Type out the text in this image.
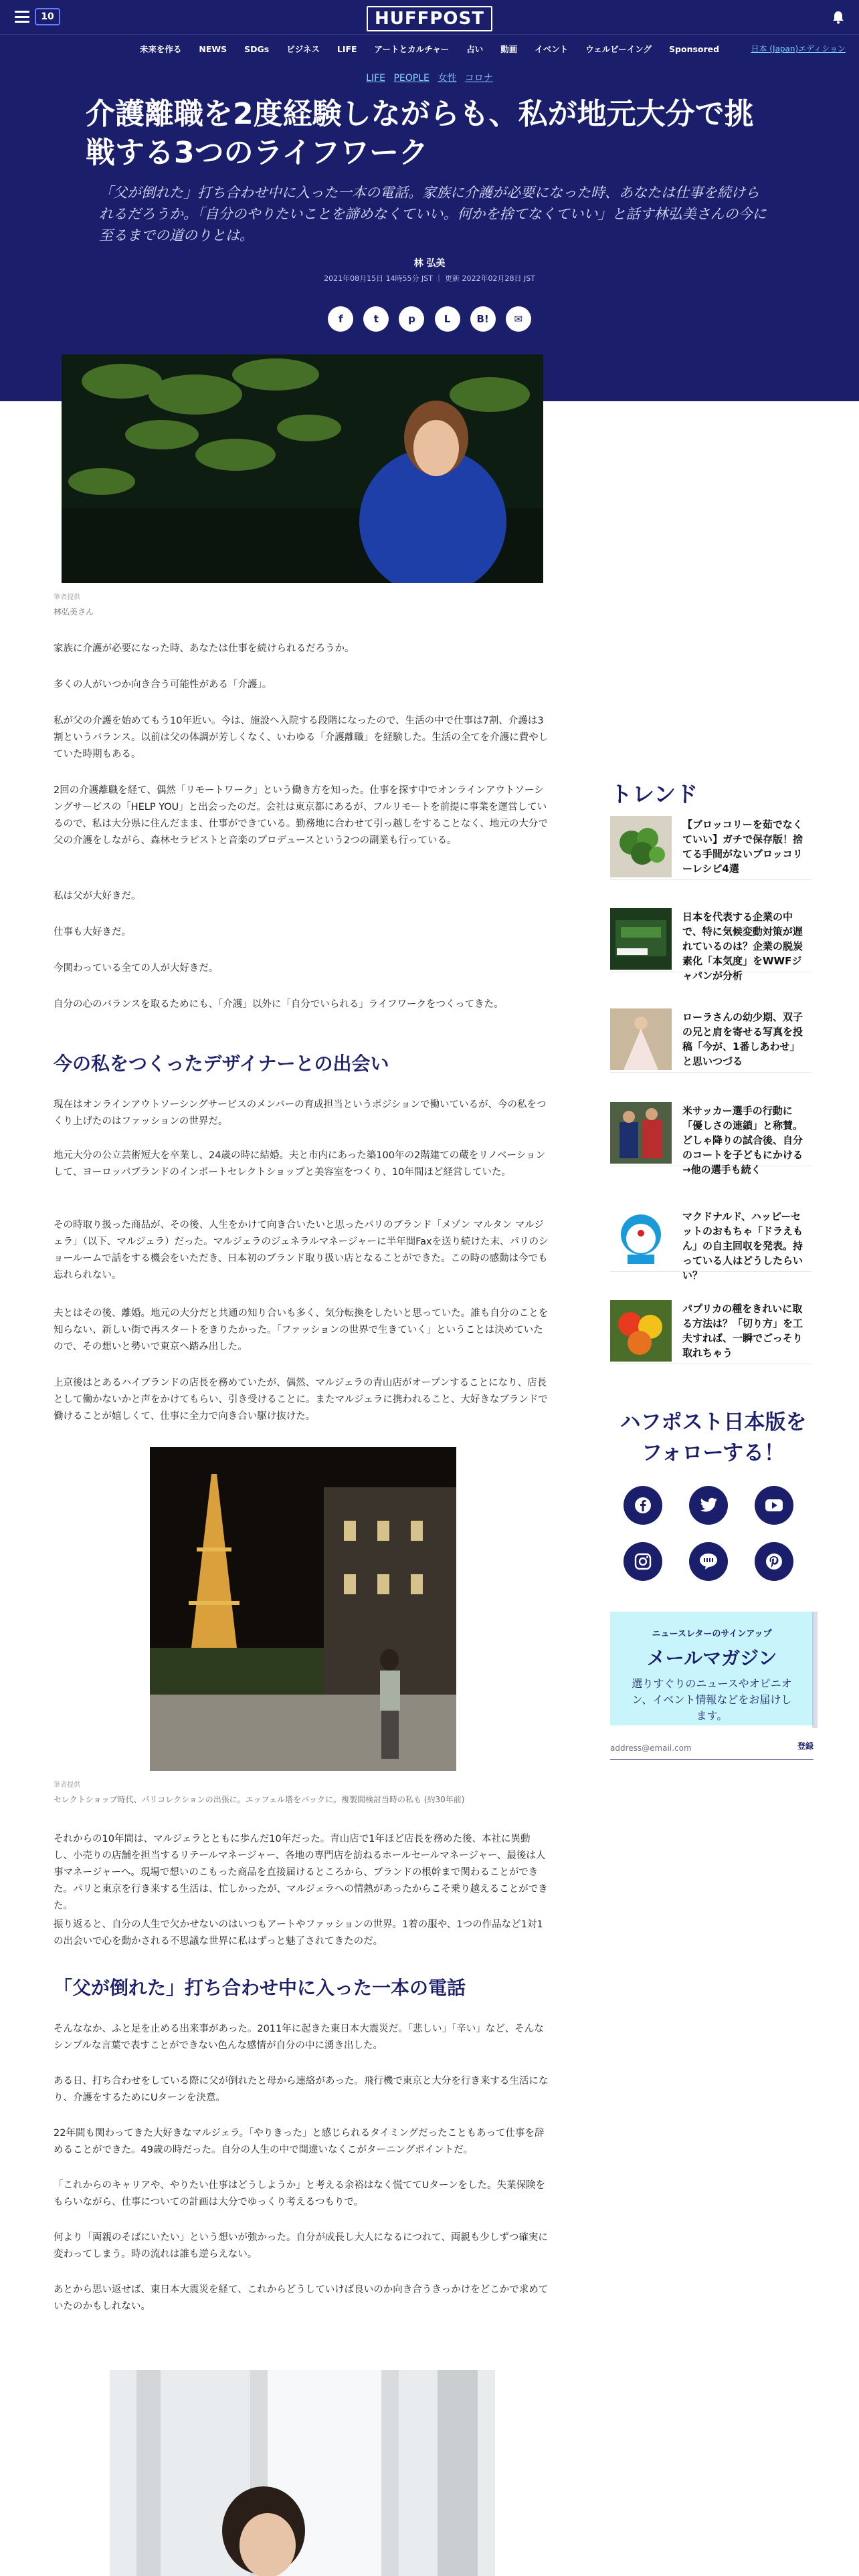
10	HUFFPOST
未来を作る NEWS SDGs ビジネス LIFE アートとカルチャー 占い 動画 イベント ウェルビーイング Sponsored	日本 (Japan)エディション
LIFE PEOPLE 女性 コロナ
介護離職を2度経験しながらも、私が地元大分で挑戦する3つのライフワーク

「父が倒れた」打ち合わせ中に入った一本の電話。家族に介護が必要になった時、あなたは仕事を続けられるだろうか。「自分のやりたいことを諦めなくていい。何かを捨てなくていい」と話す林弘美さんの今に至るまでの道のりとは。

林 弘美
2021年08月15日 14時55分 JST ｜ 更新 2022年02月28日 JST
f	t	p	L	B!	✉
筆者提供
林弘美さん

家族に介護が必要になった時、あなたは仕事を続けられるだろうか。

多くの人がいつか向き合う可能性がある「介護」。

私が父の介護を始めてもう10年近い。今は、施設へ入院する段階になったので、生活の中で仕事は7割、介護は3割というバランス。以前は父の体調が芳しくなく、いわゆる「介護離職」を経験した。生活の全てを介護に費やしていた時期もある。

2回の介護離職を経て、偶然「リモートワーク」という働き方を知った。仕事を探す中でオンラインアウトソーシングサービスの「HELP YOU」と出会ったのだ。会社は東京都にあるが、フルリモートを前提に事業を運営しているので、私は大分県に住んだまま、仕事ができている。勤務地に合わせて引っ越しをすることなく、地元の大分で父の介護をしながら、森林セラピストと音楽のプロデュースという2つの副業も行っている。

私は父が大好きだ。

仕事も大好きだ。

今関わっている全ての人が大好きだ。

自分の心のバランスを取るためにも、「介護」以外に「自分でいられる」ライフワークをつくってきた。

今の私をつくったデザイナーとの出会い

現在はオンラインアウトソーシングサービスのメンバーの育成担当というポジションで働いているが、今の私をつくり上げたのはファッションの世界だ。

地元大分の公立芸術短大を卒業し、24歳の時に結婚。夫と市内にあった築100年の2階建ての蔵をリノベーションして、ヨーロッパブランドのインポートセレクトショップと美容室をつくり、10年間ほど経営していた。

その時取り扱った商品が、その後、人生をかけて向き合いたいと思ったパリのブランド「メゾン マルタン マルジェラ」（以下、マルジェラ）だった。マルジェラのジェネラルマネージャーに半年間Faxを送り続けた末、パリのショールームで話をする機会をいただき、日本初のブランド取り扱い店となることができた。この時の感動は今でも忘れられない。

夫とはその後、離婚。地元の大分だと共通の知り合いも多く、気分転換をしたいと思っていた。誰も自分のことを知らない、新しい街で再スタートをきりたかった。「ファッションの世界で生きていく」ということは決めていたので、その想いと勢いで東京へ踏み出した。

上京後はとあるハイブランドの店長を務めていたが、偶然、マルジェラの青山店がオープンすることになり、店長として働かないかと声をかけてもらい、引き受けることに。またマルジェラに携われること、大好きなブランドで働けることが嬉しくて、仕事に全力で向き合い駆け抜けた。

筆者提供
セレクトショップ時代、パリコレクションの出張に。エッフェル塔をバックに。複製間検討当時の私も (約30年前)

それからの10年間は、マルジェラとともに歩んだ10年だった。青山店で1年ほど店長を務めた後、本社に異動し、小売りの店舗を担当するリテールマネージャー、各地の専門店を訪ねるホールセールマネージャー、最後は人事マネージャーへ。現場で想いのこもった商品を直接届けるところから、ブランドの根幹まで関わることができた。パリと東京を行き来する生活は、忙しかったが、マルジェラへの情熱があったからこそ乗り越えることができた。

振り返ると、自分の人生で欠かせないのはいつもアートやファッションの世界。1着の服や、1つの作品など1対1の出会いで心を動かされる不思議な世界に私はずっと魅了されてきたのだ。

「父が倒れた」打ち合わせ中に入った一本の電話

そんななか、ふと足を止める出来事があった。2011年に起きた東日本大震災だ。「悲しい」「辛い」など、そんなシンプルな言葉で表すことができない色んな感情が自分の中に湧き出した。

ある日、打ち合わせをしている際に父が倒れたと母から連絡があった。飛行機で東京と大分を行き来する生活になり、介護をするためにUターンを決意。

22年間も関わってきた大好きなマルジェラ。「やりきった」と感じられるタイミングだったこともあって仕事を辞めることができた。49歳の時だった。自分の人生の中で間違いなくこがターニングポイントだ。

「これからのキャリアや、やりたい仕事はどうしようか」と考える余裕はなく慌ててUターンをした。失業保険をもらいながら、仕事についての計画は大分でゆっくり考えるつもりで。

何より「両親のそばにいたい」という想いが強かった。自分が成長し大人になるにつれて、両親も少しずつ確実に変わってしまう。時の流れは誰も逆らえない。

あとから思い返せば、東日本大震災を経て、これからどうしていけば良いのか向き合うきっかけをどこかで求めていたのかもしれない。

トレンド
【ブロッコリーを茹でなくていい】ガチで保存版！捨てる手間がないブロッコリーレシピ4選
日本を代表する企業の中で、特に気候変動対策が遅れているのは？企業の脱炭素化「本気度」をWWFジャパンが分析
ローラさんの幼少期、双子の兄と肩を寄せる写真を投稿「今が、1番しあわせ」と思いつづる
米サッカー選手の行動に「優しさの連鎖」と称賛。どしゃ降りの試合後、自分のコートを子どもにかける→他の選手も続く
マクドナルド、ハッピーセットのおもちゃ「ドラえもん」の自主回収を発表。持っている人はどうしたらいい？
パプリカの種をきれいに取る方法は？「切り方」を工夫すれば、一瞬でごっそり取れちゃう
ハフポスト日本版をフォローする！
ニュースレターのサインアップ
メールマガジン
選りすぐりのニュースやオピニオン、イベント情報などをお届けします。
address@email.com
登録
